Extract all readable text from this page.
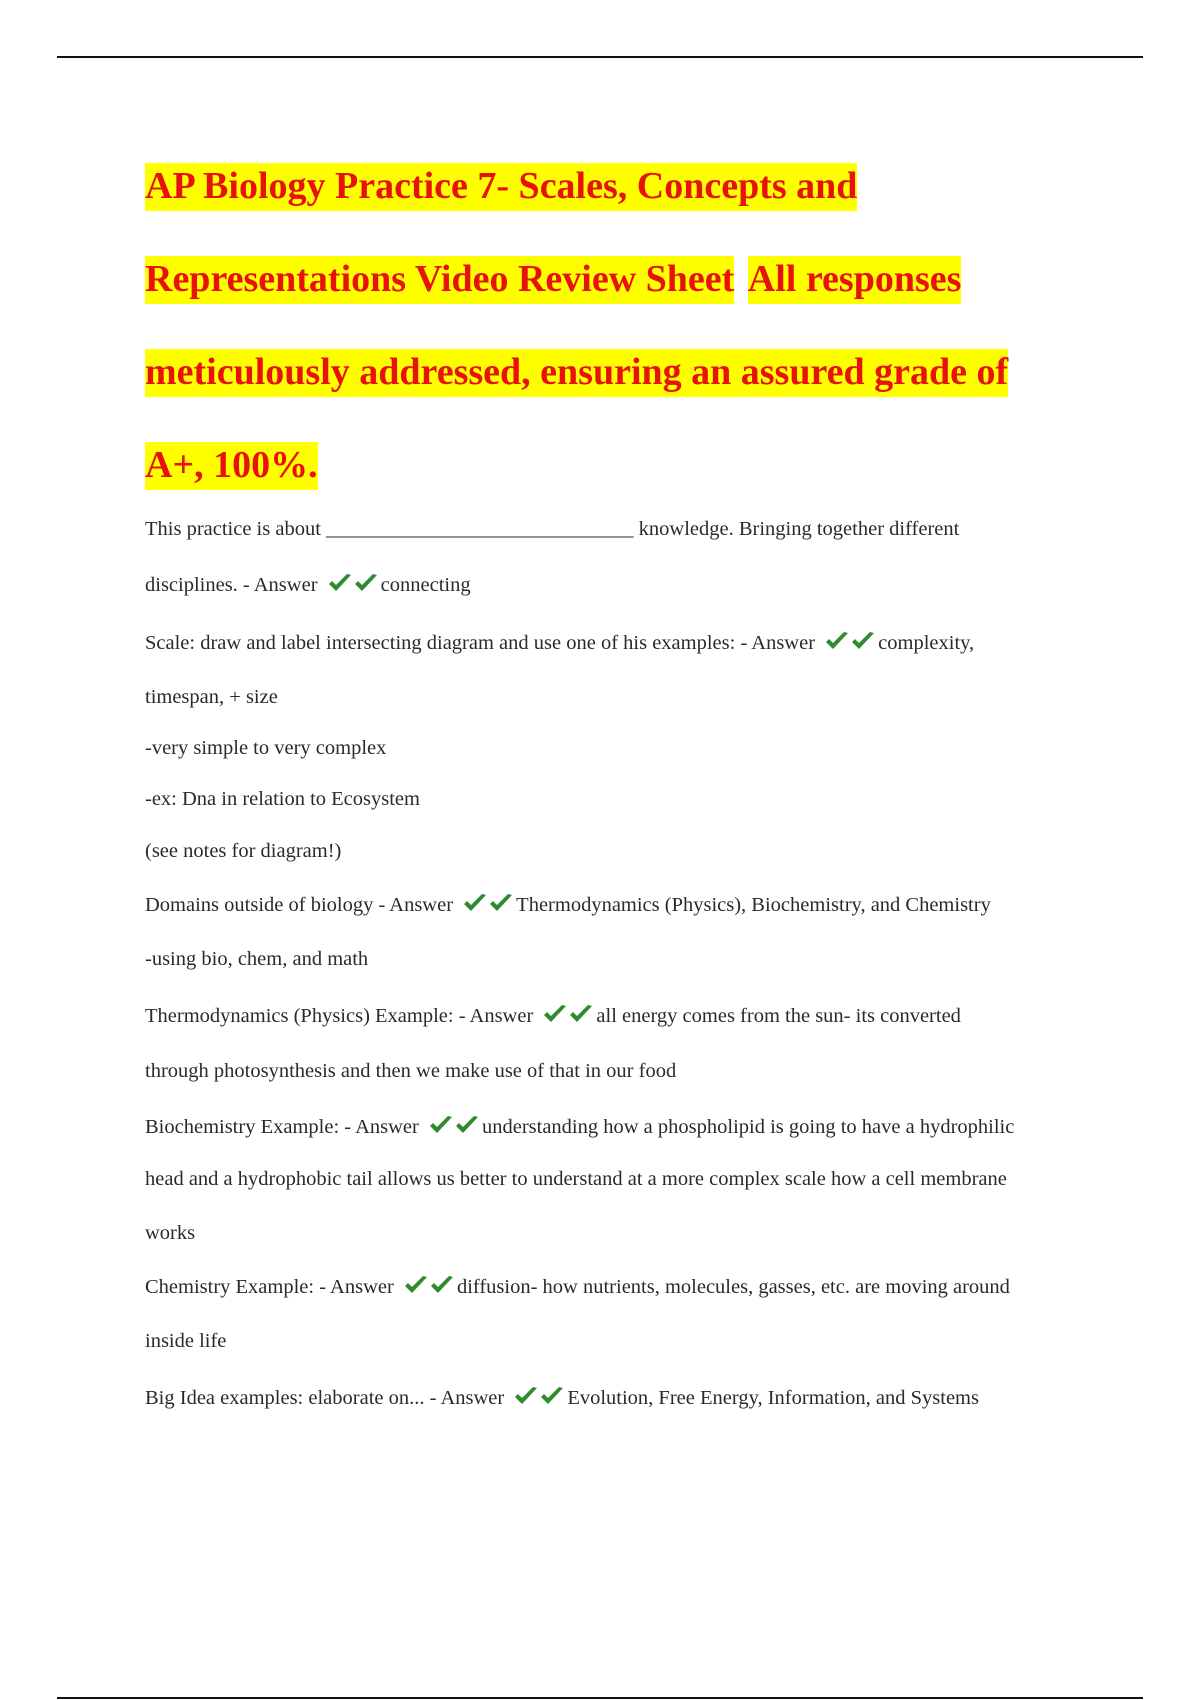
AP Biology Practice 7- Scales, Concepts and
Representations Video Review Sheet All responses
meticulously addressed, ensuring an assured grade of
A+, 100%.
This practice is about ______________________________ knowledge. Bringing together different
disciplines. - Answer	connecting
Scale: draw and label intersecting diagram and use one of his examples: - Answer	complexity,
timespan, + size
-very simple to very complex
-ex: Dna in relation to Ecosystem
(see notes for diagram!)
Domains outside of biology - Answer	Thermodynamics (Physics), Biochemistry, and Chemistry
-using bio, chem, and math
Thermodynamics (Physics) Example: - Answer	all energy comes from the sun- its converted
through photosynthesis and then we make use of that in our food
Biochemistry Example: - Answer	understanding how a phospholipid is going to have a hydrophilic
head and a hydrophobic tail allows us better to understand at a more complex scale how a cell membrane
works
Chemistry Example: - Answer	diffusion- how nutrients, molecules, gasses, etc. are moving around
inside life
Big Idea examples: elaborate on... - Answer	Evolution, Free Energy, Information, and Systems
